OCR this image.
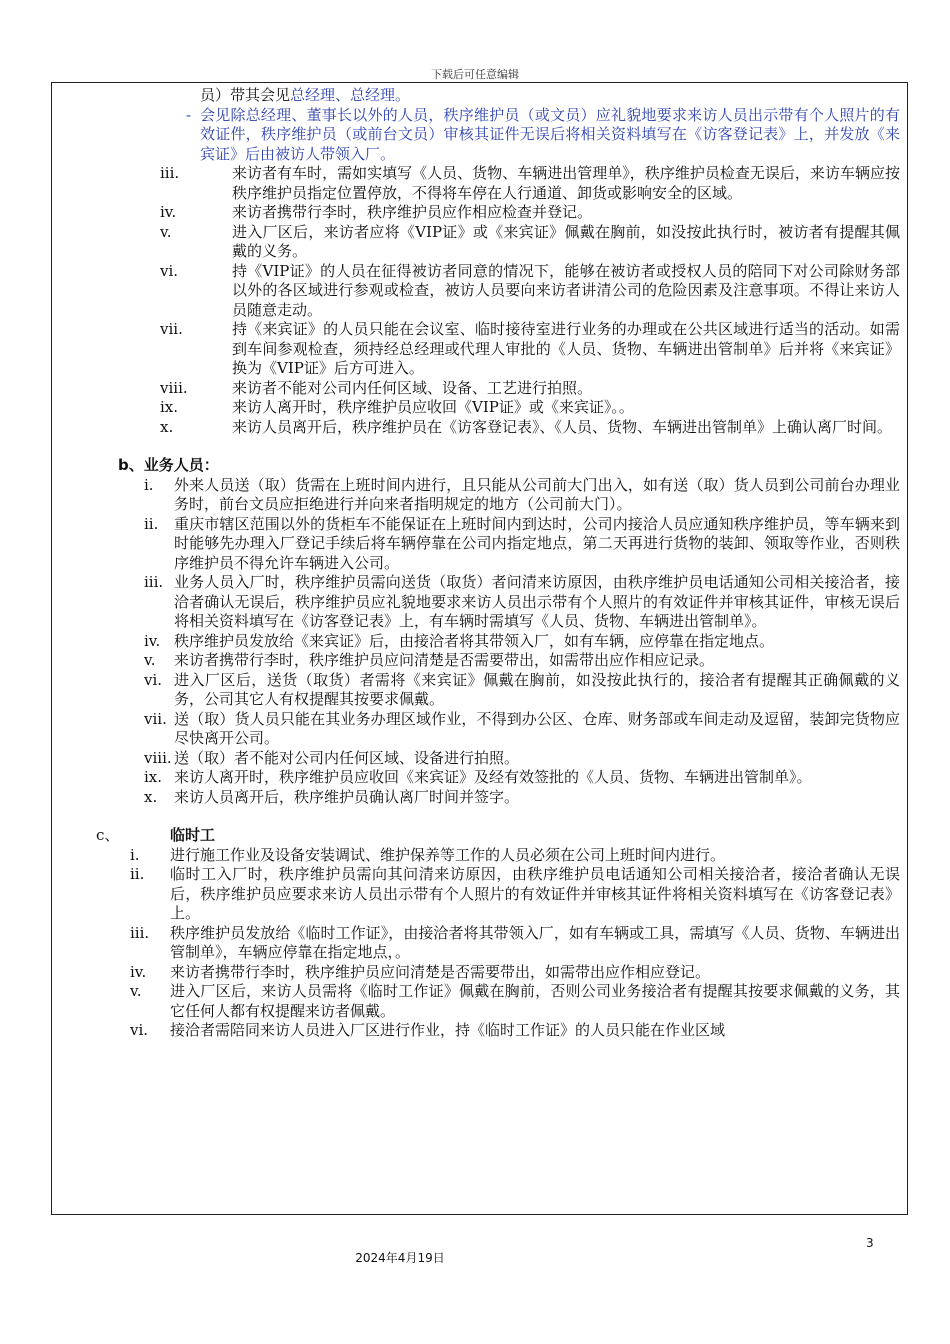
下载后可任意编辑
员）带其会见 总经理、总经理。
- 会见除总经理、董事长以外的人员，秩序维护员（或文员）应礼貌地要求来访人员出示带有个人照片的有效证件，秩序维护员（或前台文员）审核其证件无误后将相关资料填写在《访客登记表》上，并发放《来宾证》后由被访人带领入厂。
iii.	来访者有车时，需如实填写《人员、货物、车辆进出管理单》，秩序维护员检查无误后，来访车辆应按秩序维护员指定位置停放，不得将车停在人行通道、卸货或影响安全的区域。
iv.	来访者携带行李时，秩序维护员应作相应检查并登记。
v.	进入厂区后，来访者应将《VIP证》或《来宾证》佩戴在胸前，如没按此执行时，被访者有提醒其佩戴的义务。
vi.	持《VIP证》的人员在征得被访者同意的情况下，能够在被访者或授权人员的陪同下对公司除财务部以外的各区域进行参观或检查，被访人员要向来访者讲清公司的危险因素及注意事项。不得让来访人员随意走动。
vii.	持《来宾证》的人员只能在会议室、临时接待室进行业务的办理或在公共区域进行适当的活动。如需到车间参观检查，须持经总经理或代理人审批的《人员、货物、车辆进出管制单》后并将《来宾证》换为《VIP证》后方可进入。
viii.	来访者不能对公司内任何区域、设备、工艺进行拍照。
ix.	来访人离开时，秩序维护员应收回《VIP证》或《来宾证》。。
x.	来访人员离开后，秩序维护员在《访客登记表》、《人员、货物、车辆进出管制单》上确认离厂时间。
b、业务人员：
i.	外来人员送（取）货需在上班时间内进行，且只能从公司前大门出入，如有送（取）货人员到公司前台办理业务时，前台文员应拒绝进行并向来者指明规定的地方（公司前大门）。
ii.	重庆市辖区范围以外的货柜车不能保证在上班时间内到达时，公司内接洽人员应通知秩序维护员，等车辆来到时能够先办理入厂登记手续后将车辆停靠在公司内指定地点，第二天再进行货物的装卸、领取等作业，否则秩序维护员不得允许车辆进入公司。
iii. 业务人员入厂时，秩序维护员需向送货（取货）者问清来访原因，由秩序维护员电话通知公司相关接洽者，接洽者确认无误后，秩序维护员应礼貌地要求来访人员出示带有个人照片的有效证件并审核其证件，审核无误后将相关资料填写在《访客登记表》上，有车辆时需填写《人员、货物、车辆进出管制单》。
iv. 秩序维护员发放给《来宾证》后，由接洽者将其带领入厂，如有车辆，应停靠在指定地点。
v.	来访者携带行李时，秩序维护员应问清楚是否需要带出，如需带出应作相应记录。
vi. 进入厂区后，送货（取货）者需将《来宾证》佩戴在胸前，如没按此执行的，接洽者有提醒其正确佩戴的义务，公司其它人有权提醒其按要求佩戴。
vii. 送（取）货人员只能在其业务办理区域作业，不得到办公区、仓库、财务部或车间走动及逗留，装卸完货物应尽快离开公司。
viii. 送（取）者不能对公司内任何区域、设备进行拍照。
ix. 来访人离开时，秩序维护员应收回《来宾证》及经有效签批的《人员、货物、车辆进出管制单》。
x.	来访人员离开后，秩序维护员确认离厂时间并签字。
c、	临时工
i.	进行施工作业及设备安装调试、维护保养等工作的人员必须在公司上班时间内进行。
ii.	临时工入厂时，秩序维护员需向其问清来访原因，由秩序维护员电话通知公司相关接洽者，接洽者确认无误后，秩序维护员应要求来访人员出示带有个人照片的有效证件并审核其证件将相关资料填写在《访客登记表》上。
iii.	秩序维护员发放给《临时工作证》，由接洽者将其带领入厂，如有车辆或工具，需填写《人员、货物、车辆进出管制单》，车辆应停靠在指定地点，。
iv.	来访者携带行李时，秩序维护员应问清楚是否需要带出，如需带出应作相应登记。
v.	进入厂区后，来访人员需将《临时工作证》佩戴在胸前，否则公司业务接洽者有提醒其按要求佩戴的义务，其它任何人都有权提醒来访者佩戴。
vi.	接洽者需陪同来访人员进入厂区进行作业，持《临时工作证》的人员只能在作业区域
3
2024年4月19日
